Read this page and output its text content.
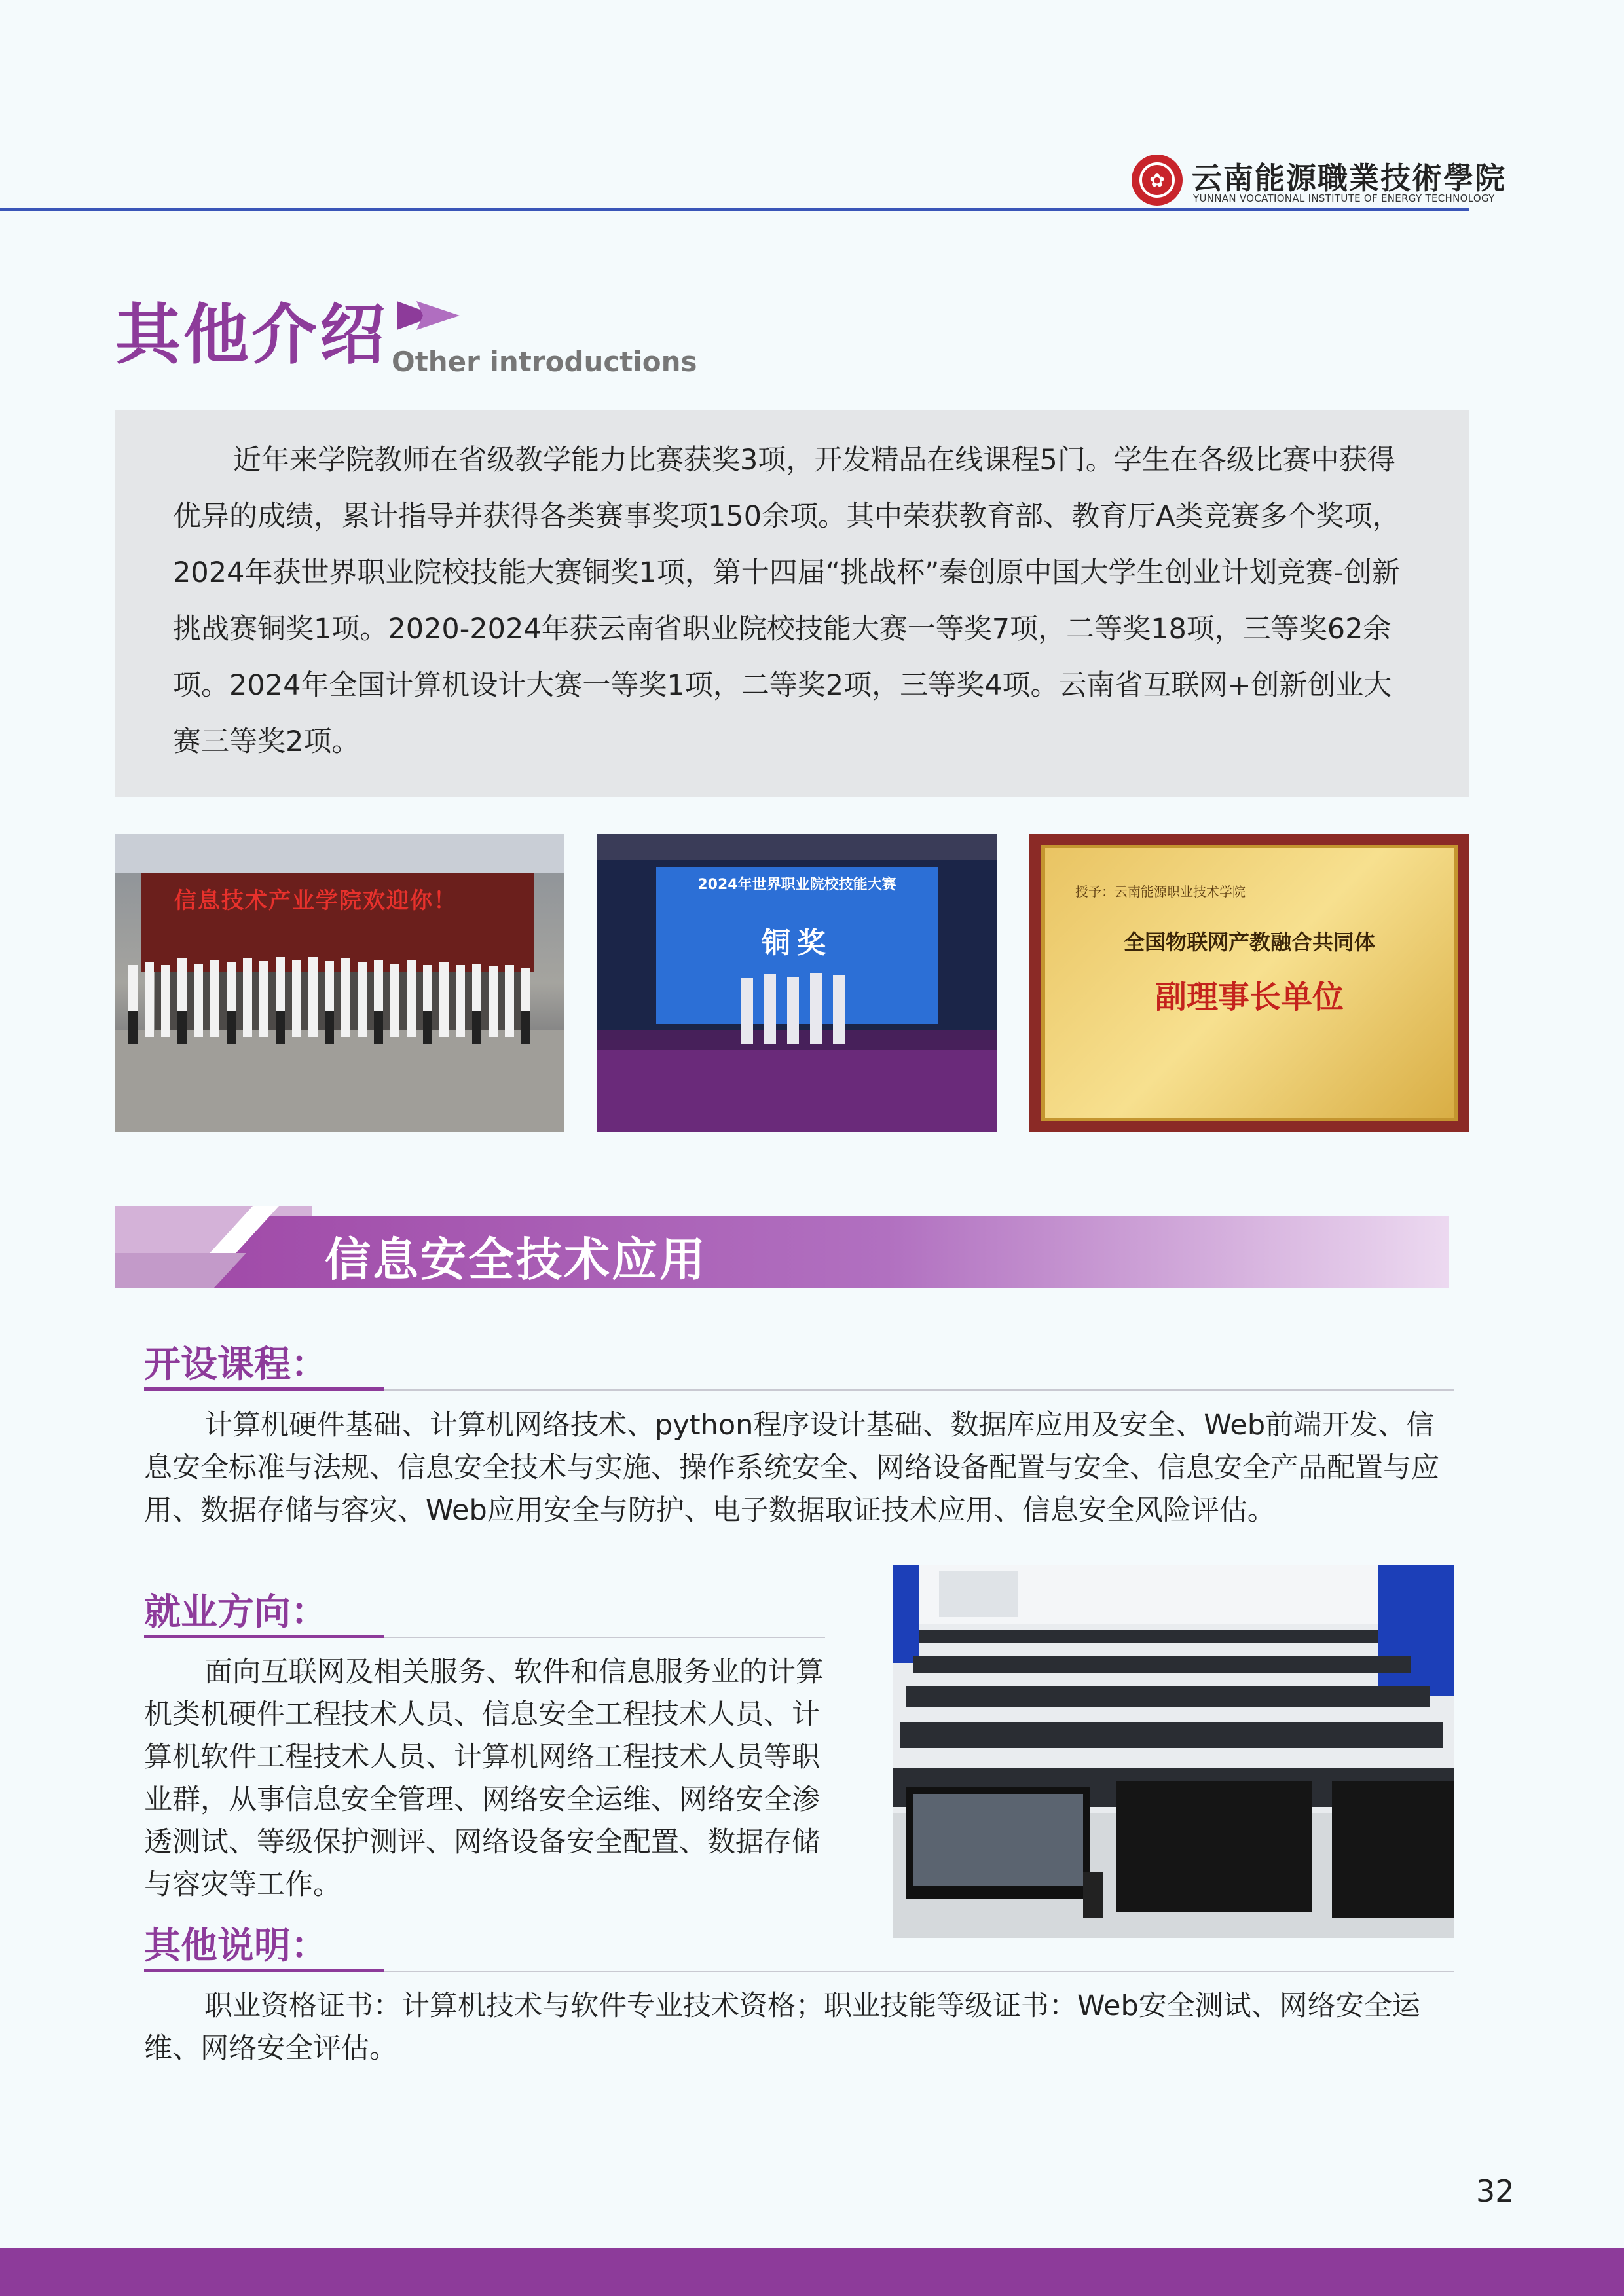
✿ 云南能源職業技術學院
YUNNAN VOCATIONAL INSTITUTE OF ENERGY TECHNOLOGY
其他介绍 Other introductions
近年来学院教师在省级教学能力比赛获奖3项，开发精品在线课程5门。学生在各级比赛中获得优异的成绩，累计指导并获得各类赛事奖项150余项。其中荣获教育部、教育厅A类竞赛多个奖项，2024年获世界职业院校技能大赛铜奖1项，第十四届“挑战杯”秦创原中国大学生创业计划竞赛-创新挑战赛铜奖1项。2020-2024年获云南省职业院校技能大赛一等奖7项，二等奖18项，三等奖62余项。2024年全国计算机设计大赛一等奖1项，二等奖2项，三等奖4项。云南省互联网+创新创业大赛三等奖2项。
信息技术产业学院欢迎你！
2024年世界职业院校技能大赛
铜奖
授予：云南能源职业技术学院
全国物联网产教融合共同体
副理事长单位
信息安全技术应用
开设课程：
计算机硬件基础、计算机网络技术、python程序设计基础、数据库应用及安全、Web前端开发、信息安全标准与法规、信息安全技术与实施、操作系统安全、网络设备配置与安全、信息安全产品配置与应用、数据存储与容灾、Web应用安全与防护、电子数据取证技术应用、信息安全风险评估。
就业方向：
面向互联网及相关服务、软件和信息服务业的计算机类机硬件工程技术人员、信息安全工程技术人员、计算机软件工程技术人员、计算机网络工程技术人员等职业群，从事信息安全管理、网络安全运维、网络安全渗透测试、等级保护测评、网络设备安全配置、数据存储与容灾等工作。
其他说明：
职业资格证书：计算机技术与软件专业技术资格；职业技能等级证书：Web安全测试、网络安全运维、网络安全评估。
32
